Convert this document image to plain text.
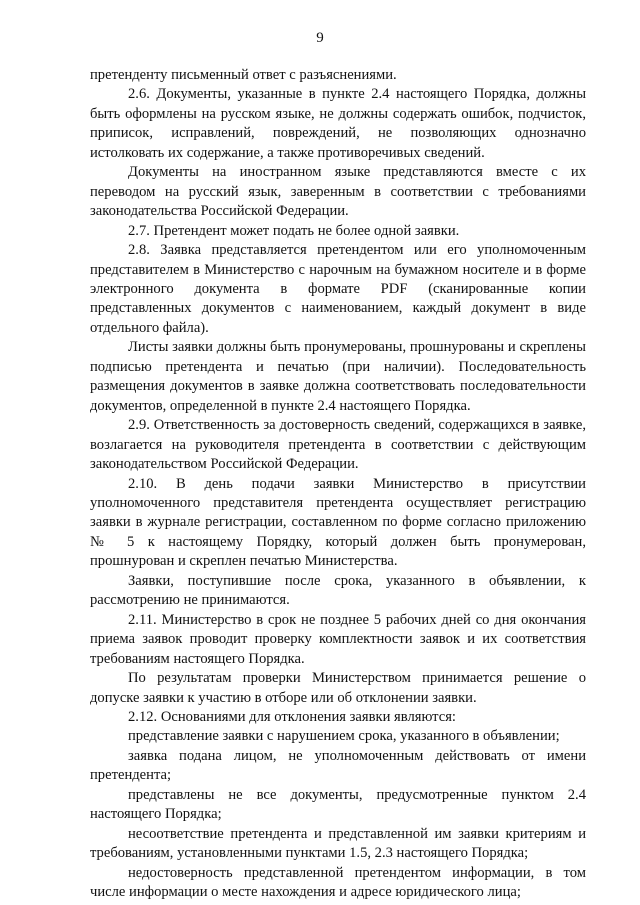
9

претенденту письменный ответ с разъяснениями.

2.6. Документы, указанные в пункте 2.4 настоящего Порядка, должны быть оформлены на русском языке, не должны содержать ошибок, подчисток, приписок, исправлений, повреждений, не позволяющих однозначно истолковать их содержание, а также противоречивых сведений.

Документы на иностранном языке представляются вместе с их переводом на русский язык, заверенным в соответствии с требованиями законодательства Российской Федерации.

2.7. Претендент может подать не более одной заявки.

2.8. Заявка представляется претендентом или его уполномоченным представителем в Министерство с нарочным на бумажном носителе и в форме электронного документа в формате PDF (сканированные копии представленных документов с наименованием, каждый документ в виде отдельного файла).

Листы заявки должны быть пронумерованы, прошнурованы и скреплены подписью претендента и печатью (при наличии). Последовательность размещения документов в заявке должна соответствовать последовательности документов, определенной в пункте 2.4 настоящего Порядка.

2.9. Ответственность за достоверность сведений, содержащихся в заявке, возлагается на руководителя претендента в соответствии с действующим законодательством Российской Федерации.

2.10. В день подачи заявки Министерство в присутствии уполномоченного представителя претендента осуществляет регистрацию заявки в журнале регистрации, составленном по форме согласно приложению № 5 к настоящему Порядку, который должен быть пронумерован, прошнурован и скреплен печатью Министерства.

Заявки, поступившие после срока, указанного в объявлении, к рассмотрению не принимаются.

2.11. Министерство в срок не позднее 5 рабочих дней со дня окончания приема заявок проводит проверку комплектности заявок и их соответствия требованиям настоящего Порядка.

По результатам проверки Министерством принимается решение о допуске заявки к участию в отборе или об отклонении заявки.

2.12. Основаниями для отклонения заявки являются:

представление заявки с нарушением срока, указанного в объявлении;

заявка подана лицом, не уполномоченным действовать от имени претендента;

представлены не все документы, предусмотренные пунктом 2.4 настоящего Порядка;

несоответствие претендента и представленной им заявки критериям и требованиям, установленными пунктами 1.5, 2.3 настоящего Порядка;

недостоверность представленной претендентом информации, в том числе информации о месте нахождения и адресе юридического лица;
